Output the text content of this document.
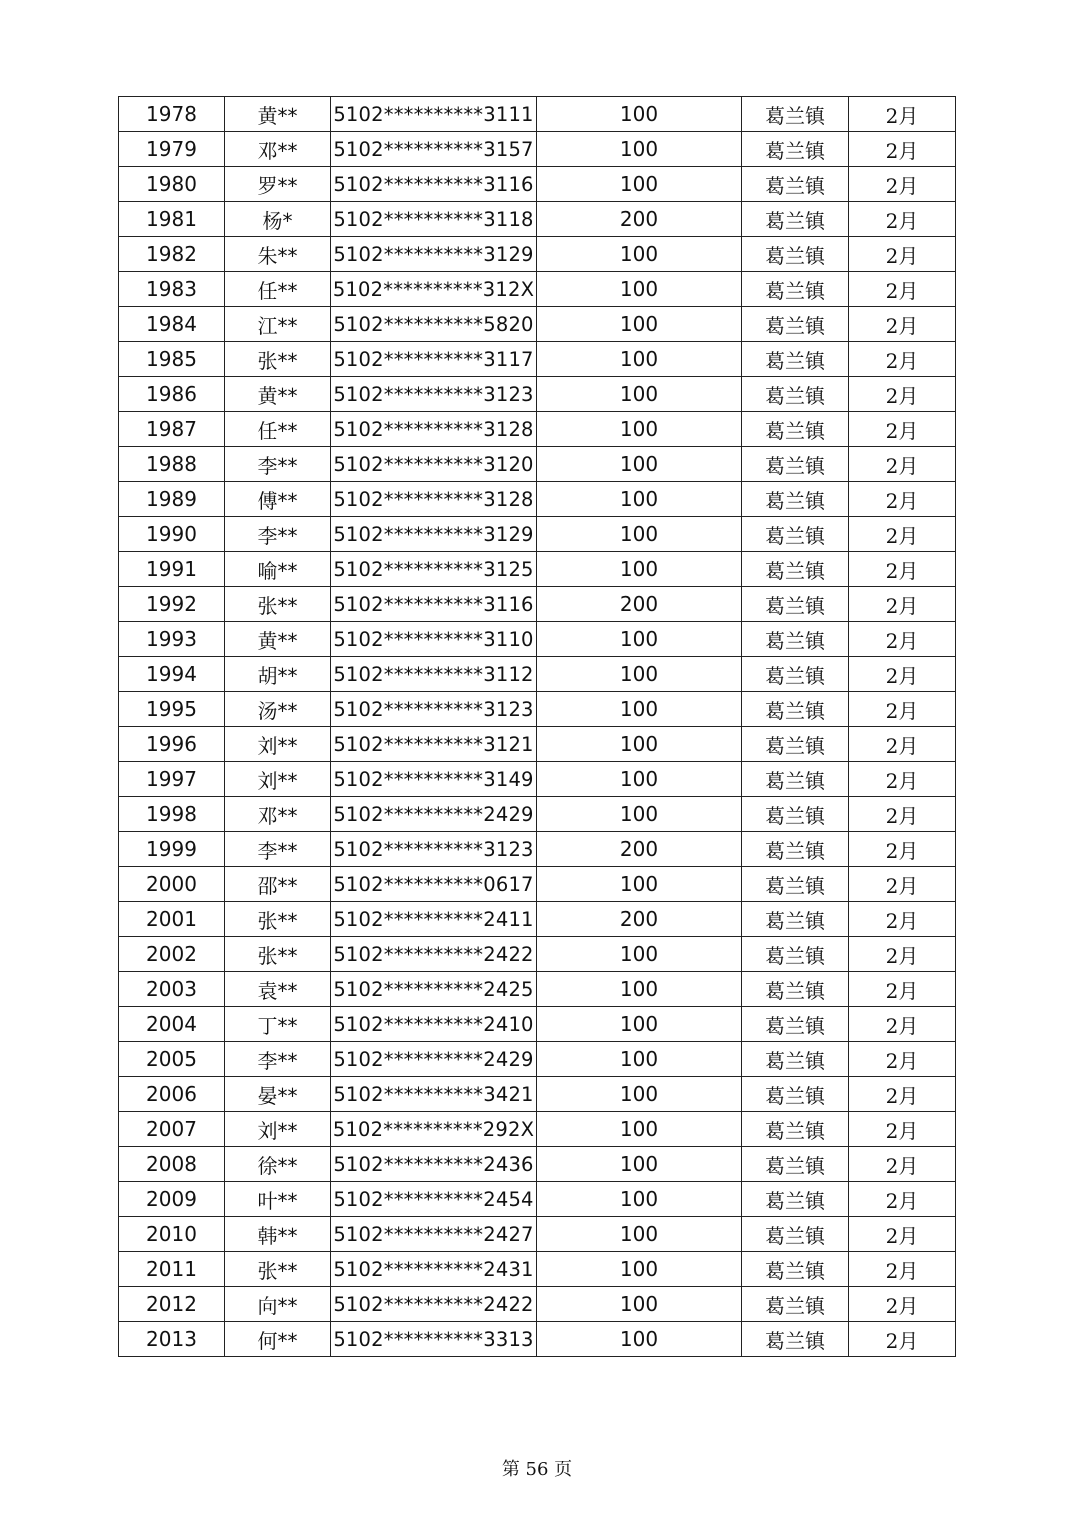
1978	黄**	5102**********3111	100	葛兰镇	2月
1979	邓**	5102**********3157	100	葛兰镇	2月
1980	罗**	5102**********3116	100	葛兰镇	2月
1981	杨*	5102**********3118	200	葛兰镇	2月
1982	朱**	5102**********3129	100	葛兰镇	2月
1983	任**	5102**********312X	100	葛兰镇	2月
1984	江**	5102**********5820	100	葛兰镇	2月
1985	张**	5102**********3117	100	葛兰镇	2月
1986	黄**	5102**********3123	100	葛兰镇	2月
1987	任**	5102**********3128	100	葛兰镇	2月
1988	李**	5102**********3120	100	葛兰镇	2月
1989	傅**	5102**********3128	100	葛兰镇	2月
1990	李**	5102**********3129	100	葛兰镇	2月
1991	喻**	5102**********3125	100	葛兰镇	2月
1992	张**	5102**********3116	200	葛兰镇	2月
1993	黄**	5102**********3110	100	葛兰镇	2月
1994	胡**	5102**********3112	100	葛兰镇	2月
1995	汤**	5102**********3123	100	葛兰镇	2月
1996	刘**	5102**********3121	100	葛兰镇	2月
1997	刘**	5102**********3149	100	葛兰镇	2月
1998	邓**	5102**********2429	100	葛兰镇	2月
1999	李**	5102**********3123	200	葛兰镇	2月
2000	邵**	5102**********0617	100	葛兰镇	2月
2001	张**	5102**********2411	200	葛兰镇	2月
2002	张**	5102**********2422	100	葛兰镇	2月
2003	袁**	5102**********2425	100	葛兰镇	2月
2004	丁**	5102**********2410	100	葛兰镇	2月
2005	李**	5102**********2429	100	葛兰镇	2月
2006	晏**	5102**********3421	100	葛兰镇	2月
2007	刘**	5102**********292X	100	葛兰镇	2月
2008	徐**	5102**********2436	100	葛兰镇	2月
2009	叶**	5102**********2454	100	葛兰镇	2月
2010	韩**	5102**********2427	100	葛兰镇	2月
2011	张**	5102**********2431	100	葛兰镇	2月
2012	向**	5102**********2422	100	葛兰镇	2月
2013	何**	5102**********3313	100	葛兰镇	2月
第 56 页
